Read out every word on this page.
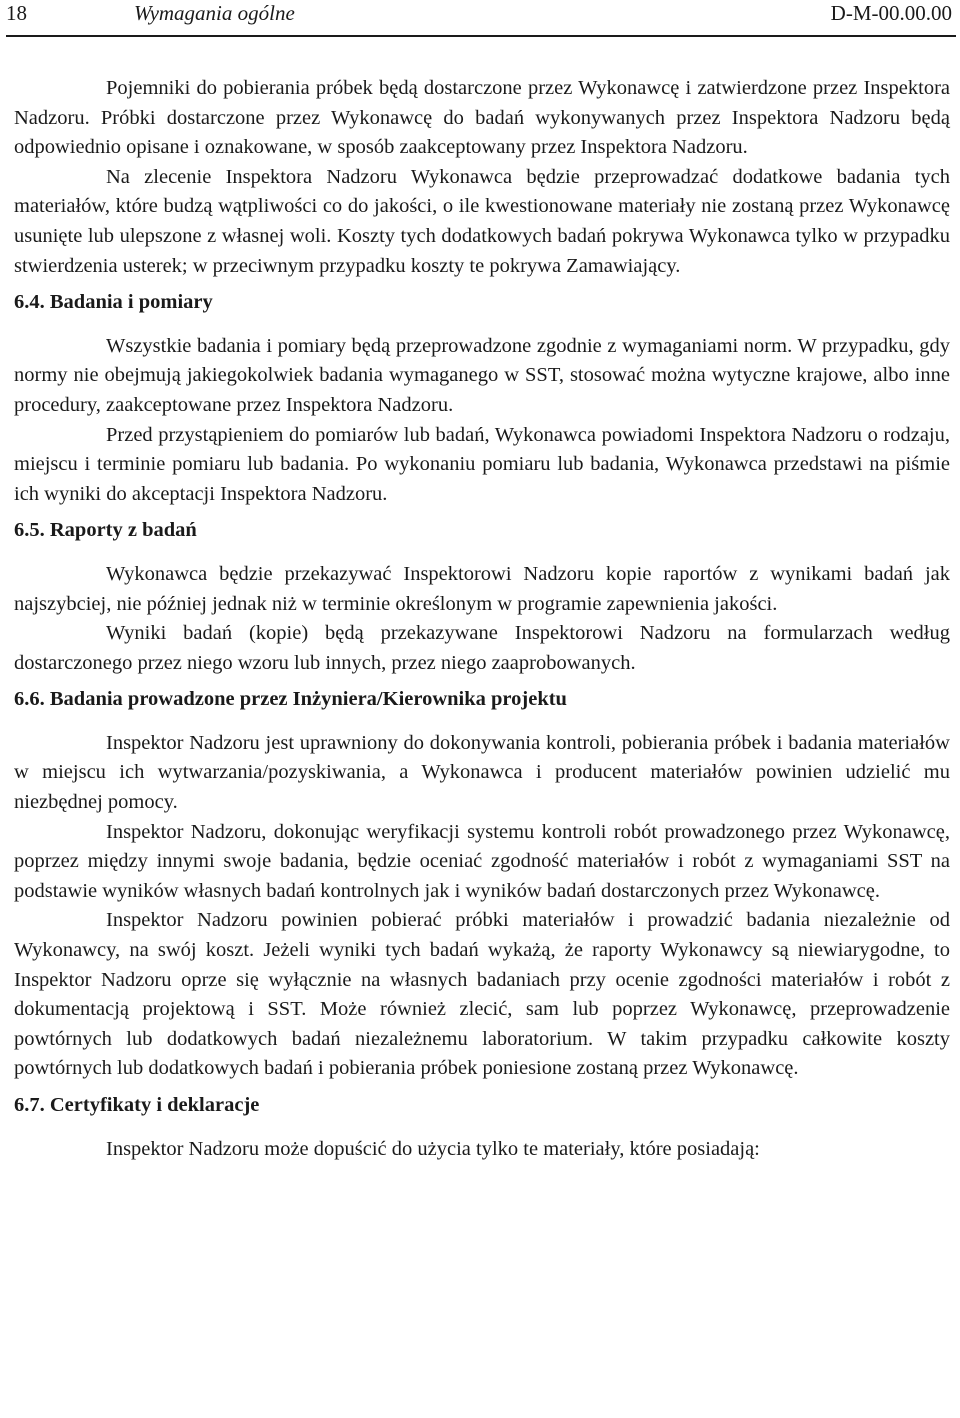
18	Wymagania ogólne	D-M-00.00.00

Pojemniki do pobierania próbek będą dostarczone przez Wykonawcę i zatwierdzone przez Inspektora Nadzoru. Próbki dostarczone przez Wykonawcę do badań wykonywanych przez Inspektora Nadzoru będą odpowiednio opisane i oznakowane, w sposób zaakceptowany przez Inspektora Nadzoru.

Na zlecenie Inspektora Nadzoru Wykonawca będzie przeprowadzać dodatkowe badania tych materiałów, które budzą wątpliwości co do jakości, o ile kwestionowane materiały nie zostaną przez Wykonawcę usunięte lub ulepszone z własnej woli. Koszty tych dodatkowych badań pokrywa Wykonawca tylko w przypadku stwierdzenia usterek; w przeciwnym przypadku koszty te pokrywa Zamawiający.

6.4. Badania i pomiary

Wszystkie badania i pomiary będą przeprowadzone zgodnie z wymaganiami norm. W przypadku, gdy normy nie obejmują jakiegokolwiek badania wymaganego w SST, stosować można wytyczne krajowe, albo inne procedury, zaakceptowane przez Inspektora Nadzoru.

Przed przystąpieniem do pomiarów lub badań, Wykonawca powiadomi Inspektora Nadzoru o rodzaju, miejscu i terminie pomiaru lub badania. Po wykonaniu pomiaru lub badania, Wykonawca przedstawi na piśmie ich wyniki do akceptacji Inspektora Nadzoru.

6.5. Raporty z badań

Wykonawca będzie przekazywać Inspektorowi Nadzoru kopie raportów z wynikami badań jak najszybciej, nie później jednak niż w terminie określonym w programie zapewnienia jakości.

Wyniki badań (kopie) będą przekazywane Inspektorowi Nadzoru na formularzach według dostarczonego przez niego wzoru lub innych, przez niego zaaprobowanych.

6.6. Badania prowadzone przez Inżyniera/Kierownika projektu

Inspektor Nadzoru jest uprawniony do dokonywania kontroli, pobierania próbek i badania materiałów w miejscu ich wytwarzania/pozyskiwania, a Wykonawca i producent materiałów powinien udzielić mu niezbędnej pomocy.

Inspektor Nadzoru, dokonując weryfikacji systemu kontroli robót prowadzonego przez Wykonawcę, poprzez między innymi swoje badania, będzie oceniać zgodność materiałów i robót z wymaganiami SST na podstawie wyników własnych badań kontrolnych jak i wyników badań dostarczonych przez Wykonawcę.

Inspektor Nadzoru powinien pobierać próbki materiałów i prowadzić badania niezależnie od Wykonawcy, na swój koszt. Jeżeli wyniki tych badań wykażą, że raporty Wykonawcy są niewiarygodne, to Inspektor Nadzoru oprze się wyłącznie na własnych badaniach przy ocenie zgodności materiałów i robót z dokumentacją projektową i SST. Może również zlecić, sam lub poprzez Wykonawcę, przeprowadzenie powtórnych lub dodatkowych badań niezależnemu laboratorium. W takim przypadku całkowite koszty powtórnych lub dodatkowych badań i pobierania próbek poniesione zostaną przez Wykonawcę.

6.7. Certyfikaty i deklaracje

Inspektor Nadzoru może dopuścić do użycia tylko te materiały, które posiadają:
